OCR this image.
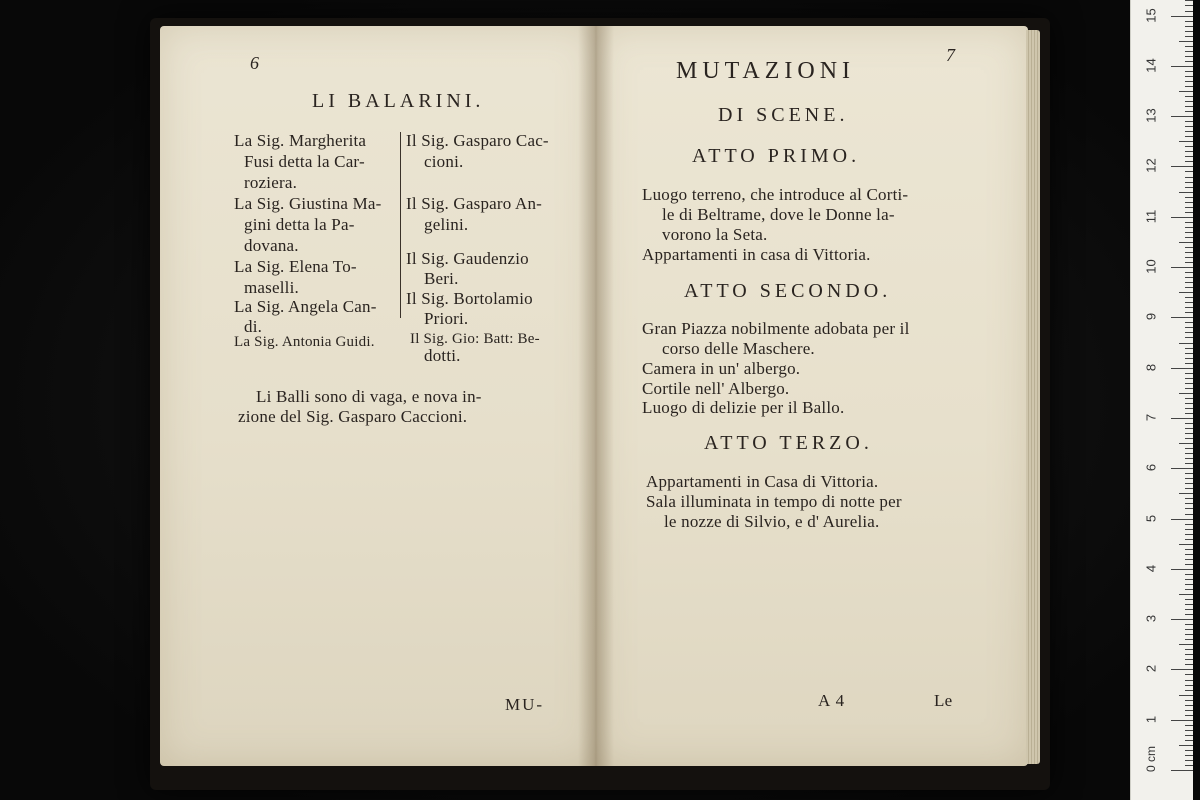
6
LI BALARINI.
La Sig. Margherita
Fusi detta la Car-
roziera.
La Sig. Giustina Ma-
gini detta la Pa-
dovana.
La Sig. Elena To-
maselli.
La Sig. Angela Can-
di.
La Sig. Antonia Guidi.
Il Sig. Gasparo Cac-
cioni.
Il Sig. Gasparo An-
gelini.
Il Sig. Gaudenzio
Beri.
Il Sig. Bortolamio
Priori.
Il Sig. Gio: Batt: Be-
dotti.
Li Balli sono di vaga, e nova in-
zione del Sig. Gasparo Caccioni.
MU-
MUTAZIONI
7
DI SCENE.
ATTO PRIMO.
Luogo terreno, che introduce al Corti-
le di Beltrame, dove le Donne la-
vorono la Seta.
Appartamenti in casa di Vittoria.
ATTO SECONDO.
Gran Piazza nobilmente adobata per il
corso delle Maschere.
Camera in un' albergo.
Cortile nell' Albergo.
Luogo di delizie per il Ballo.
ATTO TERZO.
Appartamenti in Casa di Vittoria.
Sala illuminata in tempo di notte per
le nozze di Silvio, e d' Aurelia.
A 4	Le
0 cm
1
2
3
4
5
6
7
8
9
10
11
12
13
14
15
